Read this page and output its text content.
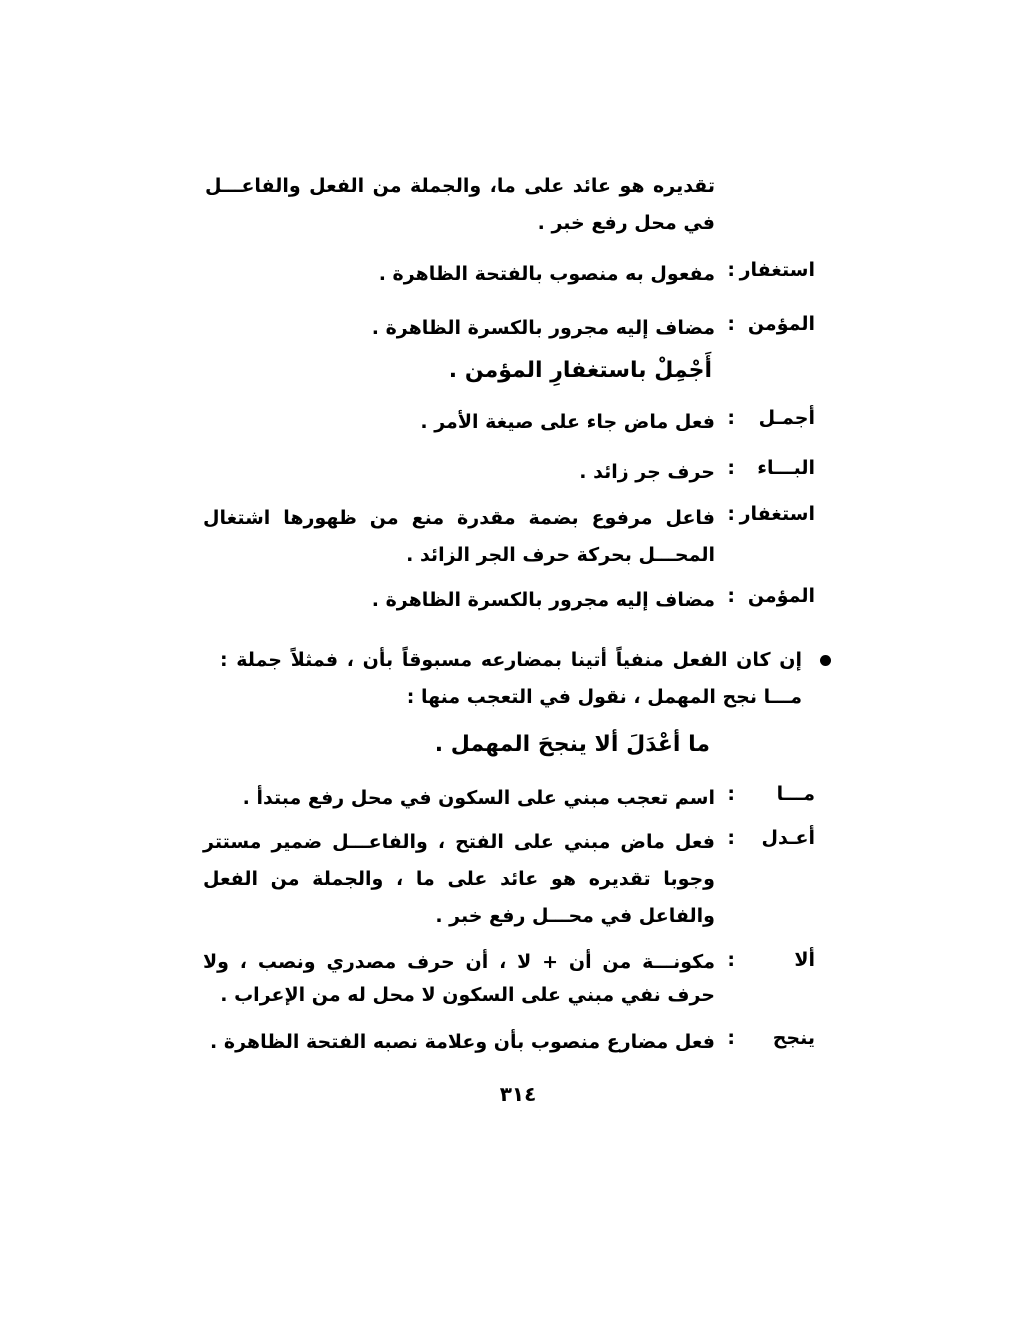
تقديره هو عائد على ما، والجملة من الفعل والفاعـــل في محل رفع خبر .
استغفار
:
مفعول به منصوب بالفتحة الظاهرة .
المؤمن
:
مضاف إليه مجرور بالكسرة الظاهرة .
أَجْمِلْ باستغفارِ المؤمن .
أجمـل
:
فعل ماض جاء على صيغة الأمر .
البـــاء
:
حرف جر زائد .
استغفار
:
فاعل مرفوع بضمة مقدرة منع من ظهورها اشتغال المحـــل بحركة حرف الجر الزائد .
المؤمن
:
مضاف إليه مجرور بالكسرة الظاهرة .
إن كان الفعل منفياً أتينا بمضارعه مسبوقاً بأن ، فمثلاً جملة : مـــا نجح المهمل ، نقول في التعجب منها :
ما أعْدَلَ ألا ينجحَ المهمل .
مـــا
:
اسم تعجب مبني على السكون في محل رفع مبتدأ .
أعـدل
:
فعل ماض مبني على الفتح ، والفاعـــل ضمير مستتر وجوبا تقديره هو عائد على ما ، والجملة من الفعل والفاعل في محـــل رفع خبر .
ألا
:
مكونـــة من أن + لا ، أن حرف مصدري ونصب ، ولا حرف نفي مبني على السكون لا محل له من الإعراب .
ينجح
:
فعل مضارع منصوب بأن وعلامة نصبه الفتحة الظاهرة .
٣١٤
